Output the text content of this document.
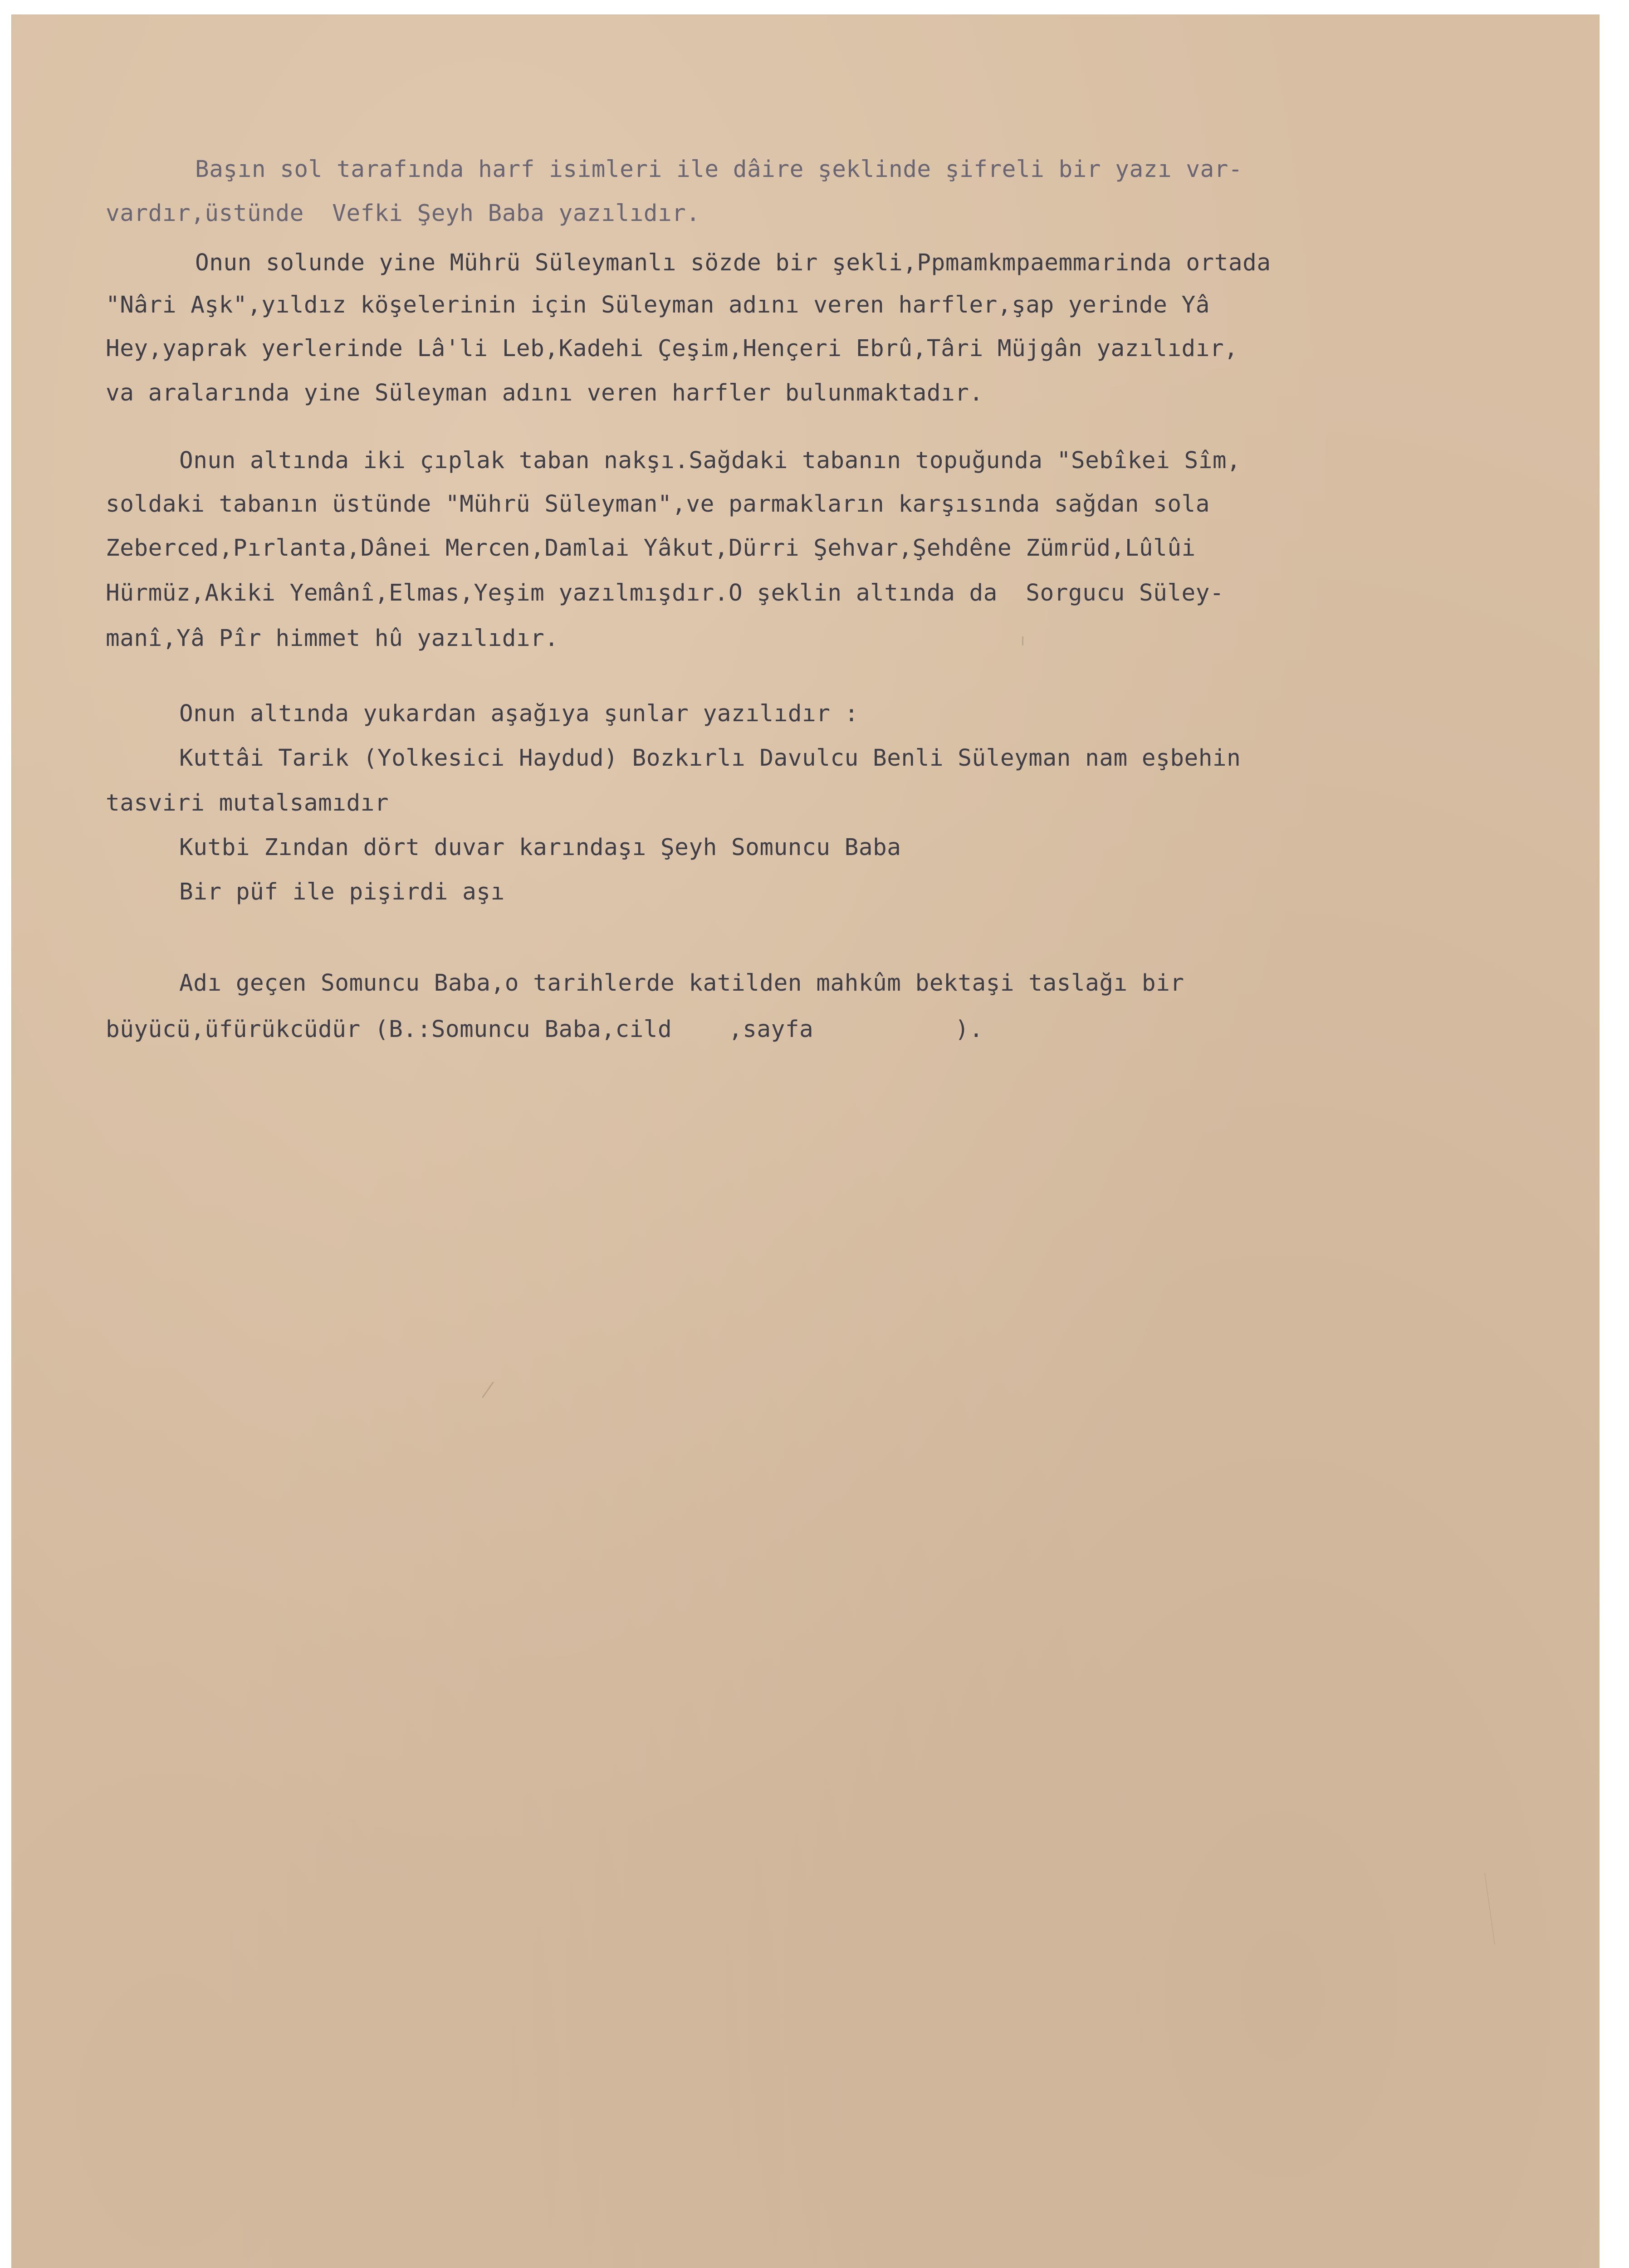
Başın sol tarafında harf isimleri ile dâire şeklinde şifreli bir yazı var-

vardır,üstünde  Vefki Şeyh Baba yazılıdır.

Onun solunde yine Mührü Süleymanlı sözde bir şekli,Ppmamkmpaemmarinda ortada

"Nâri Aşk",yıldız köşelerinin için Süleyman adını veren harfler,şap yerinde Yâ

Hey,yaprak yerlerinde Lâ'li Leb,Kadehi Çeşim,Hençeri Ebrû,Târi Müjgân yazılıdır,

va aralarında yine Süleyman adını veren harfler bulunmaktadır.

Onun altında iki çıplak taban nakşı.Sağdaki tabanın topuğunda "Sebîkei Sîm,

soldaki tabanın üstünde "Mührü Süleyman",ve parmakların karşısında sağdan sola

Zeberced,Pırlanta,Dânei Mercen,Damlai Yâkut,Dürri Şehvar,Şehdêne Zümrüd,Lûlûi

Hürmüz,Akiki Yemânî,Elmas,Yeşim yazılmışdır.O şeklin altında da  Sorgucu Süley-

manî,Yâ Pîr himmet hû yazılıdır.

Onun altında yukardan aşağıya şunlar yazılıdır :

Kuttâi Tarik (Yolkesici Haydud) Bozkırlı Davulcu Benli Süleyman nam eşbehin

tasviri mutalsamıdır

Kutbi Zından dört duvar karındaşı Şeyh Somuncu Baba

Bir püf ile pişirdi aşı

Adı geçen Somuncu Baba,o tarihlerde katilden mahkûm bektaşi taslağı bir

büyücü,üfürükcüdür (B.:Somuncu Baba,cild    ,sayfa          ).
